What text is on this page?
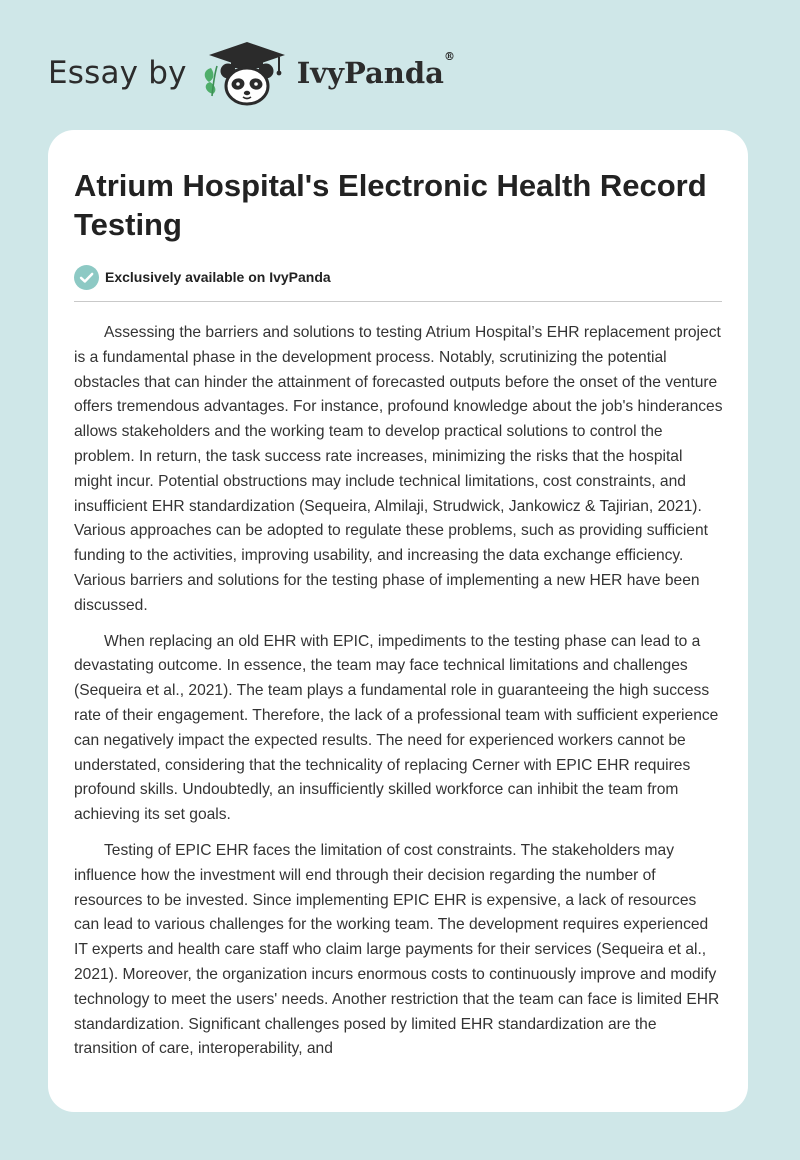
Essay by	IvyPanda®
Atrium Hospital's Electronic Health Record Testing
Exclusively available on IvyPanda

Assessing the barriers and solutions to testing Atrium Hospital’s EHR replacement project is a fundamental phase in the development process. Notably, scrutinizing the potential obstacles that can hinder the attainment of forecasted outputs before the onset of the venture offers tremendous advantages. For instance, profound knowledge about the job's hinderances allows stakeholders and the working team to develop practical solutions to control the problem. In return, the task success rate increases, minimizing the risks that the hospital might incur. Potential obstructions may include technical limitations, cost constraints, and insufficient EHR standardization (Sequeira, Almilaji, Strudwick, Jankowicz & Tajirian, 2021). Various approaches can be adopted to regulate these problems, such as providing sufficient funding to the activities, improving usability, and increasing the data exchange efficiency. Various barriers and solutions for the testing phase of implementing a new HER have been discussed.

When replacing an old EHR with EPIC, impediments to the testing phase can lead to a devastating outcome. In essence, the team may face technical limitations and challenges (Sequeira et al., 2021). The team plays a fundamental role in guaranteeing the high success rate of their engagement. Therefore, the lack of a professional team with sufficient experience can negatively impact the expected results. The need for experienced workers cannot be understated, considering that the technicality of replacing Cerner with EPIC EHR requires profound skills. Undoubtedly, an insufficiently skilled workforce can inhibit the team from achieving its set goals.

Testing of EPIC EHR faces the limitation of cost constraints. The stakeholders may influence how the investment will end through their decision regarding the number of resources to be invested. Since implementing EPIC EHR is expensive, a lack of resources can lead to various challenges for the working team. The development requires experienced IT experts and health care staff who claim large payments for their services (Sequeira et al., 2021). Moreover, the organization incurs enormous costs to continuously improve and modify technology to meet the users' needs. Another restriction that the team can face is limited EHR standardization. Significant challenges posed by limited EHR standardization are the transition of care, interoperability, and
